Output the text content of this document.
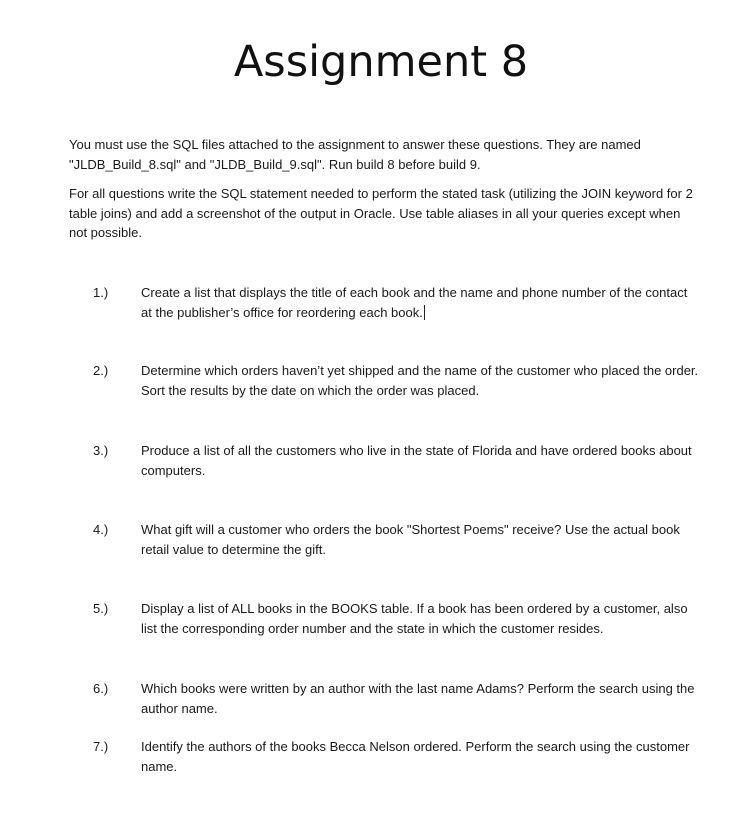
Assignment 8

You must use the SQL files attached to the assignment to answer these questions. They are named "JLDB_Build_8.sql" and "JLDB_Build_9.sql". Run build 8 before build 9.

For all questions write the SQL statement needed to perform the stated task (utilizing the JOIN keyword for 2 table joins) and add a screenshot of the output in Oracle. Use table aliases in all your queries except when not possible.

1.)	Create a list that displays the title of each book and the name and phone number of the contact at the publisher’s office for reordering each book.
2.)	Determine which orders haven’t yet shipped and the name of the customer who placed the order. Sort the results by the date on which the order was placed.
3.)	Produce a list of all the customers who live in the state of Florida and have ordered books about computers.
4.)	What gift will a customer who orders the book "Shortest Poems" receive? Use the actual book retail value to determine the gift.
5.)	Display a list of ALL books in the BOOKS table. If a book has been ordered by a customer, also list the corresponding order number and the state in which the customer resides.
6.)	Which books were written by an author with the last name Adams? Perform the search using the author name.
7.)	Identify the authors of the books Becca Nelson ordered. Perform the search using the customer name.
